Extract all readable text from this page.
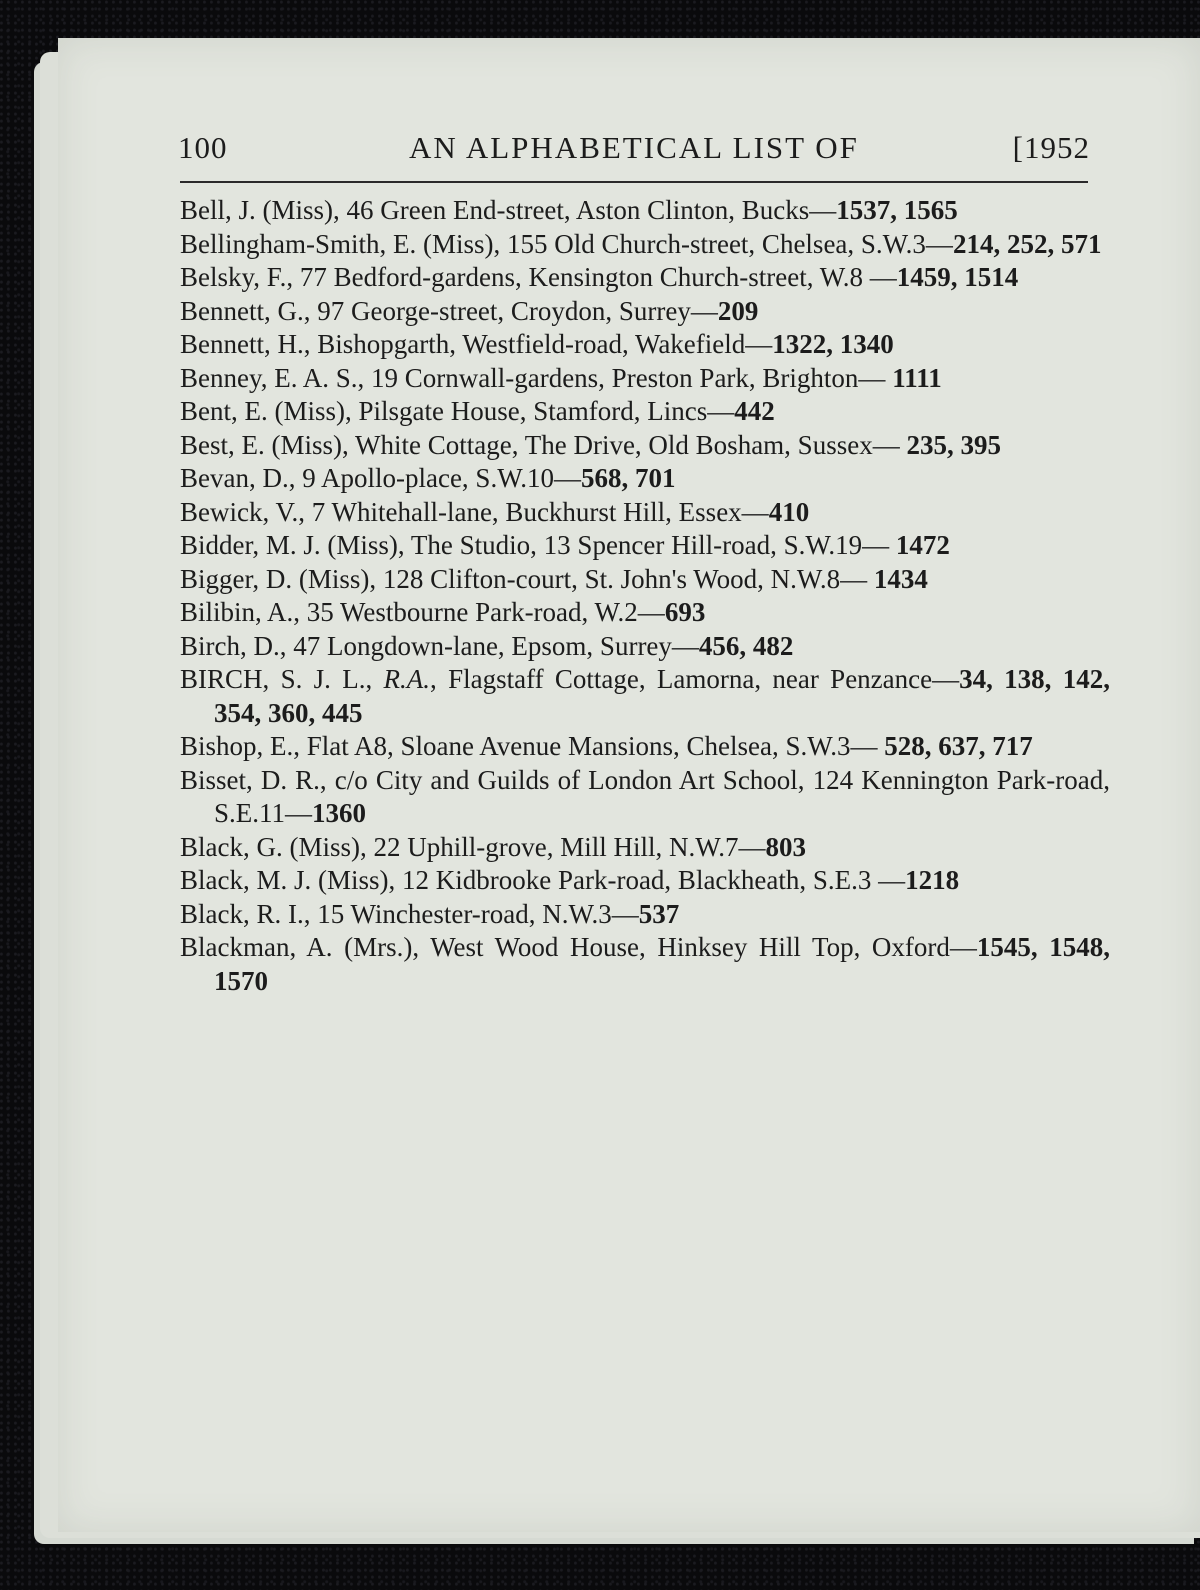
AN ALPHABETICAL LIST OF
100	[1952

Bell, J. (Miss), 46 Green End-street, Aston Clinton, Bucks—1537, 1565

Bellingham-Smith, E. (Miss), 155 Old Church-street, Chelsea, S.W.3—214, 252, 571

Belsky, F., 77 Bedford-gardens, Kensington Church-street, W.8 —1459, 1514

Bennett, G., 97 George-street, Croydon, Surrey—209

Bennett, H., Bishopgarth, Westfield-road, Wakefield—1322, 1340

Benney, E. A. S., 19 Cornwall-gardens, Preston Park, Brighton— 1111

Bent, E. (Miss), Pilsgate House, Stamford, Lincs—442

Best, E. (Miss), White Cottage, The Drive, Old Bosham, Sussex— 235, 395

Bevan, D., 9 Apollo-place, S.W.10—568, 701

Bewick, V., 7 Whitehall-lane, Buckhurst Hill, Essex—410

Bidder, M. J. (Miss), The Studio, 13 Spencer Hill-road, S.W.19— 1472

Bigger, D. (Miss), 128 Clifton-court, St. John's Wood, N.W.8— 1434

Bilibin, A., 35 Westbourne Park-road, W.2—693

Birch, D., 47 Longdown-lane, Epsom, Surrey—456, 482

BIRCH, S. J. L., R.A., Flagstaff Cottage, Lamorna, near Penzance—34, 138, 142, 354, 360, 445

Bishop, E., Flat A8, Sloane Avenue Mansions, Chelsea, S.W.3— 528, 637, 717

Bisset, D. R., c/o City and Guilds of London Art School, 124 Kennington Park-road, S.E.11—1360

Black, G. (Miss), 22 Uphill-grove, Mill Hill, N.W.7—803

Black, M. J. (Miss), 12 Kidbrooke Park-road, Blackheath, S.E.3 —1218

Black, R. I., 15 Winchester-road, N.W.3—537

Blackman, A. (Mrs.), West Wood House, Hinksey Hill Top, Oxford—1545, 1548, 1570
